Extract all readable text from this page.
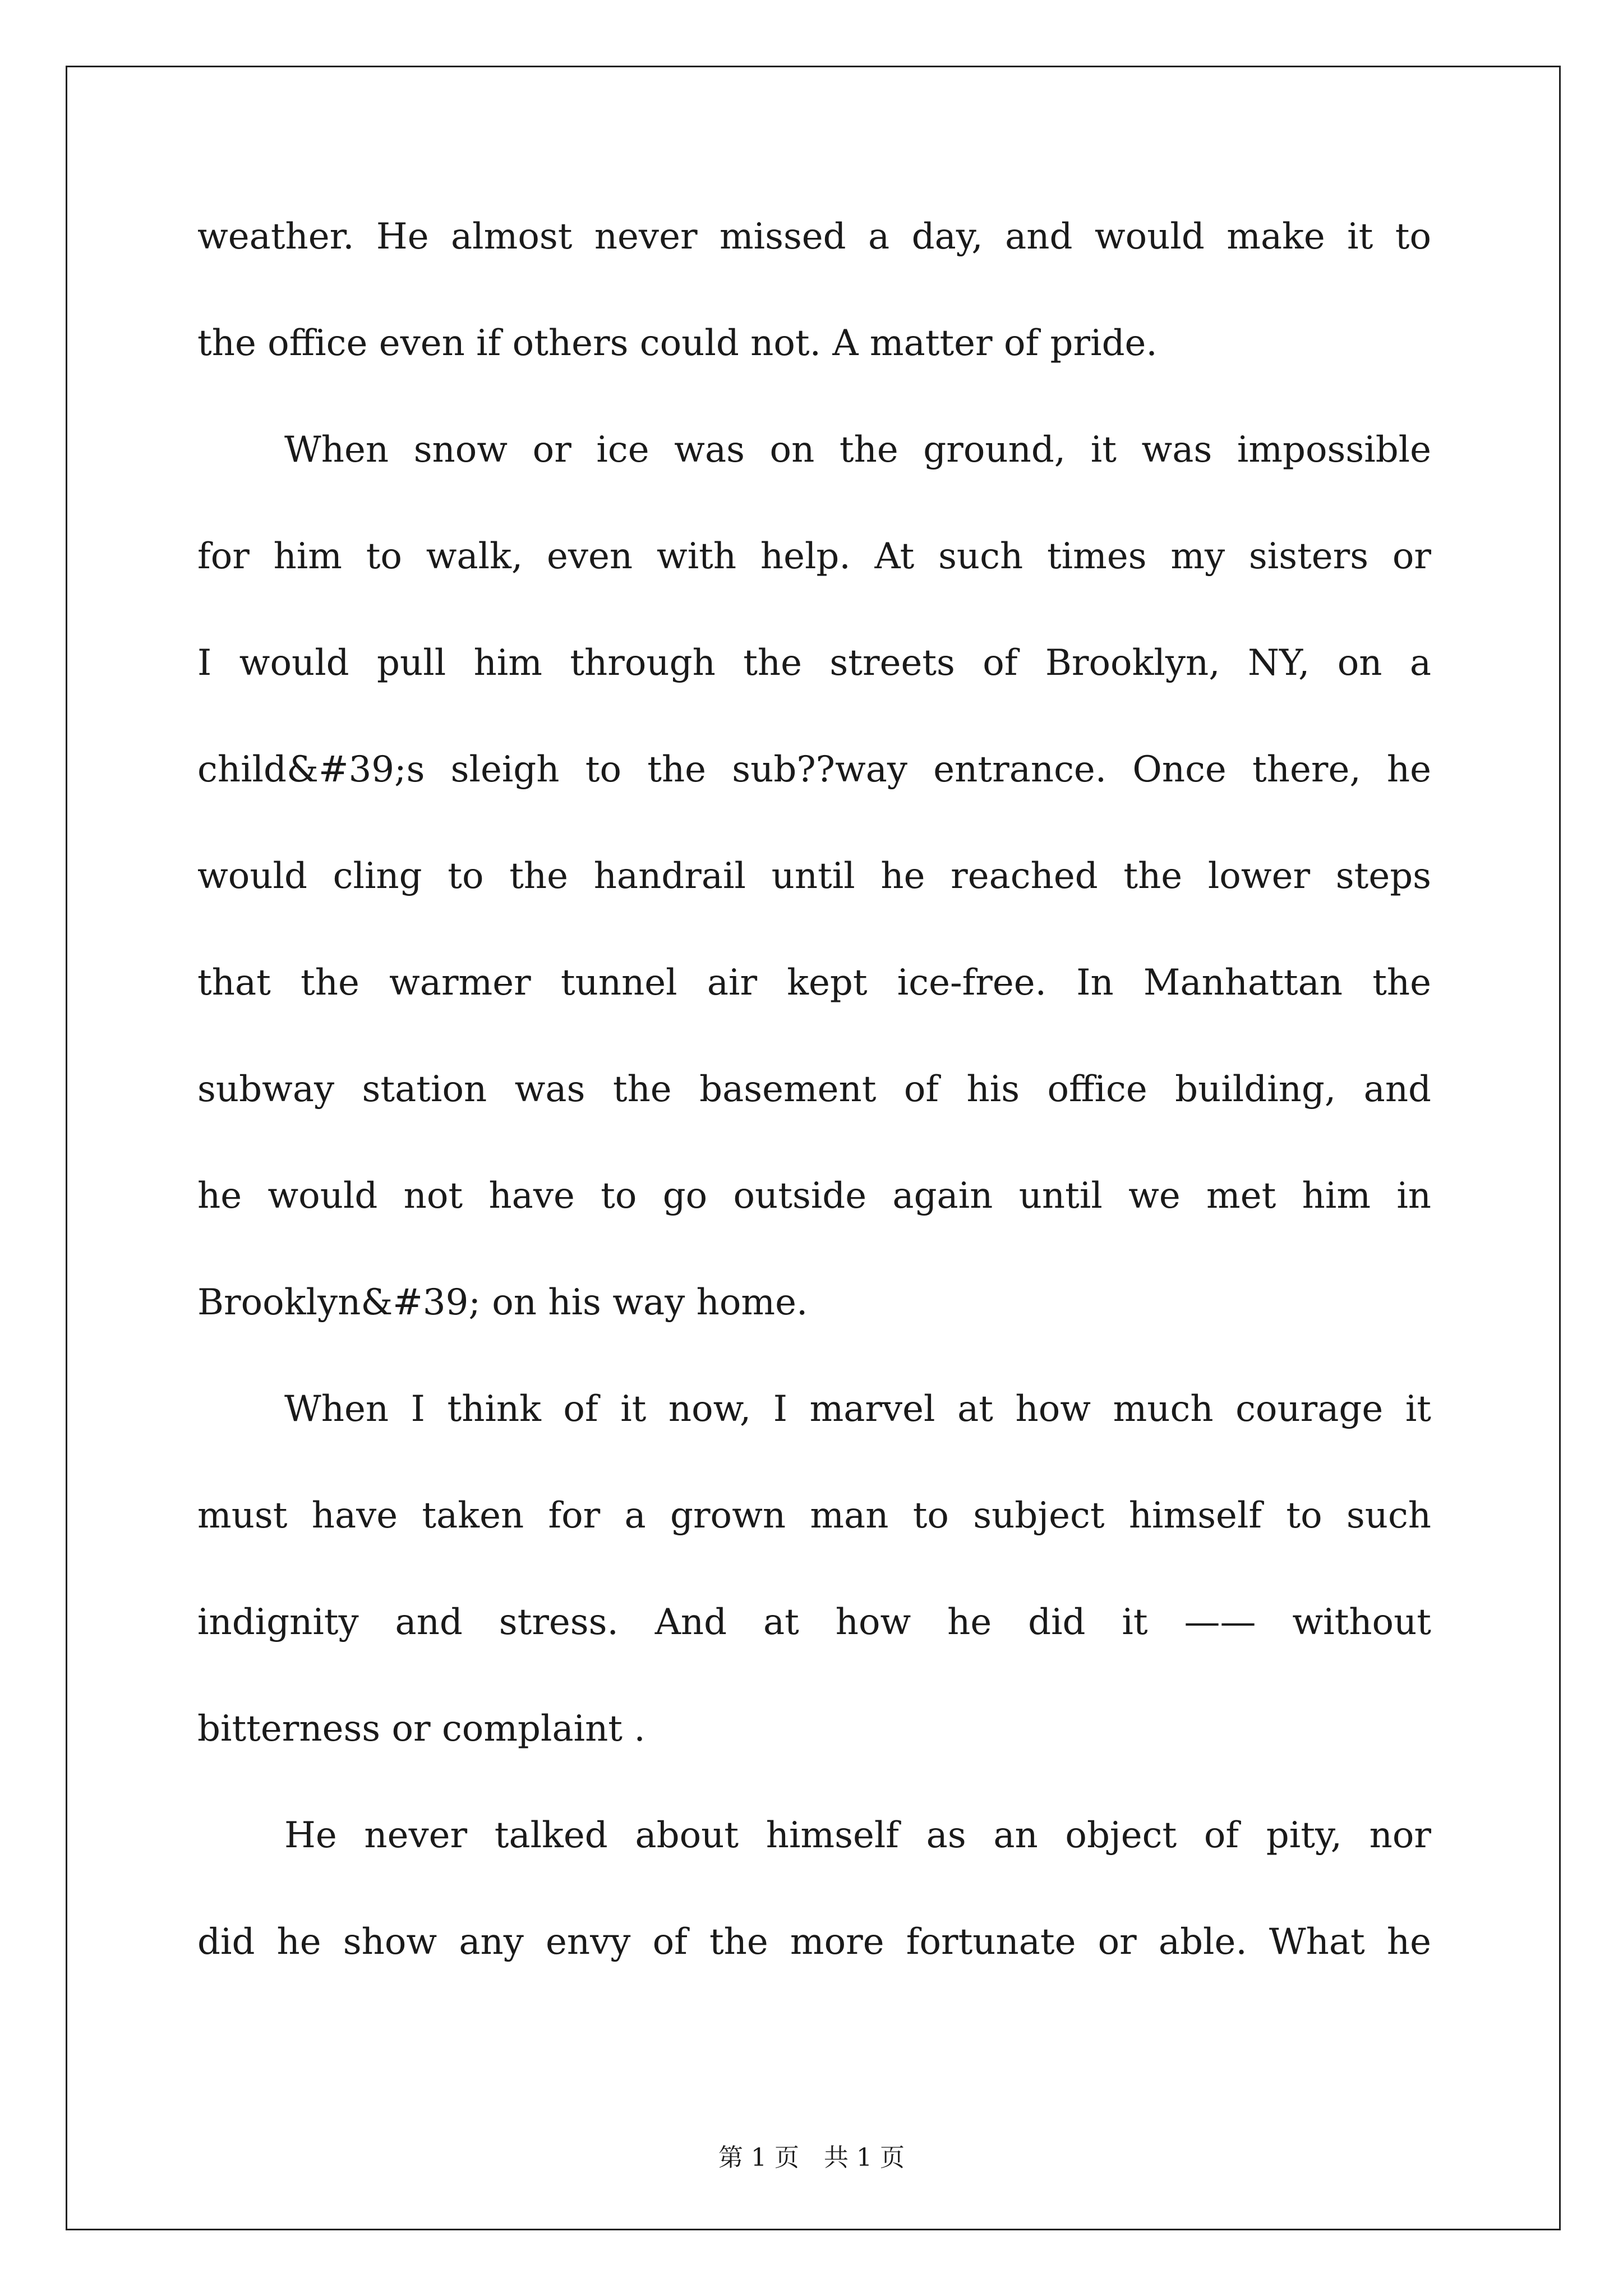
weather. He almost never missed a day, and would make it to
the office even if others could not. A matter of pride.
When snow or ice was on the ground, it was impossible
for him to walk, even with help. At such times my sisters or
I would pull him through the streets of Brooklyn, NY, on a
child&#39;s sleigh to the sub??way entrance. Once there, he
would cling to the handrail until he reached the lower steps
that the warmer tunnel air kept ice-free. In Manhattan the
subway station was the basement of his office building, and
he would not have to go outside again until we met him in
Brooklyn&#39; on his way home.
When I think of it now, I marvel at how much courage it
must have taken for a grown man to subject himself to such
indignity and stress. And at how he did it —— without
bitterness or complaint .
He never talked about himself as an object of pity, nor
did he show any envy of the more fortunate or able. What he
第 1 页　共 1 页
